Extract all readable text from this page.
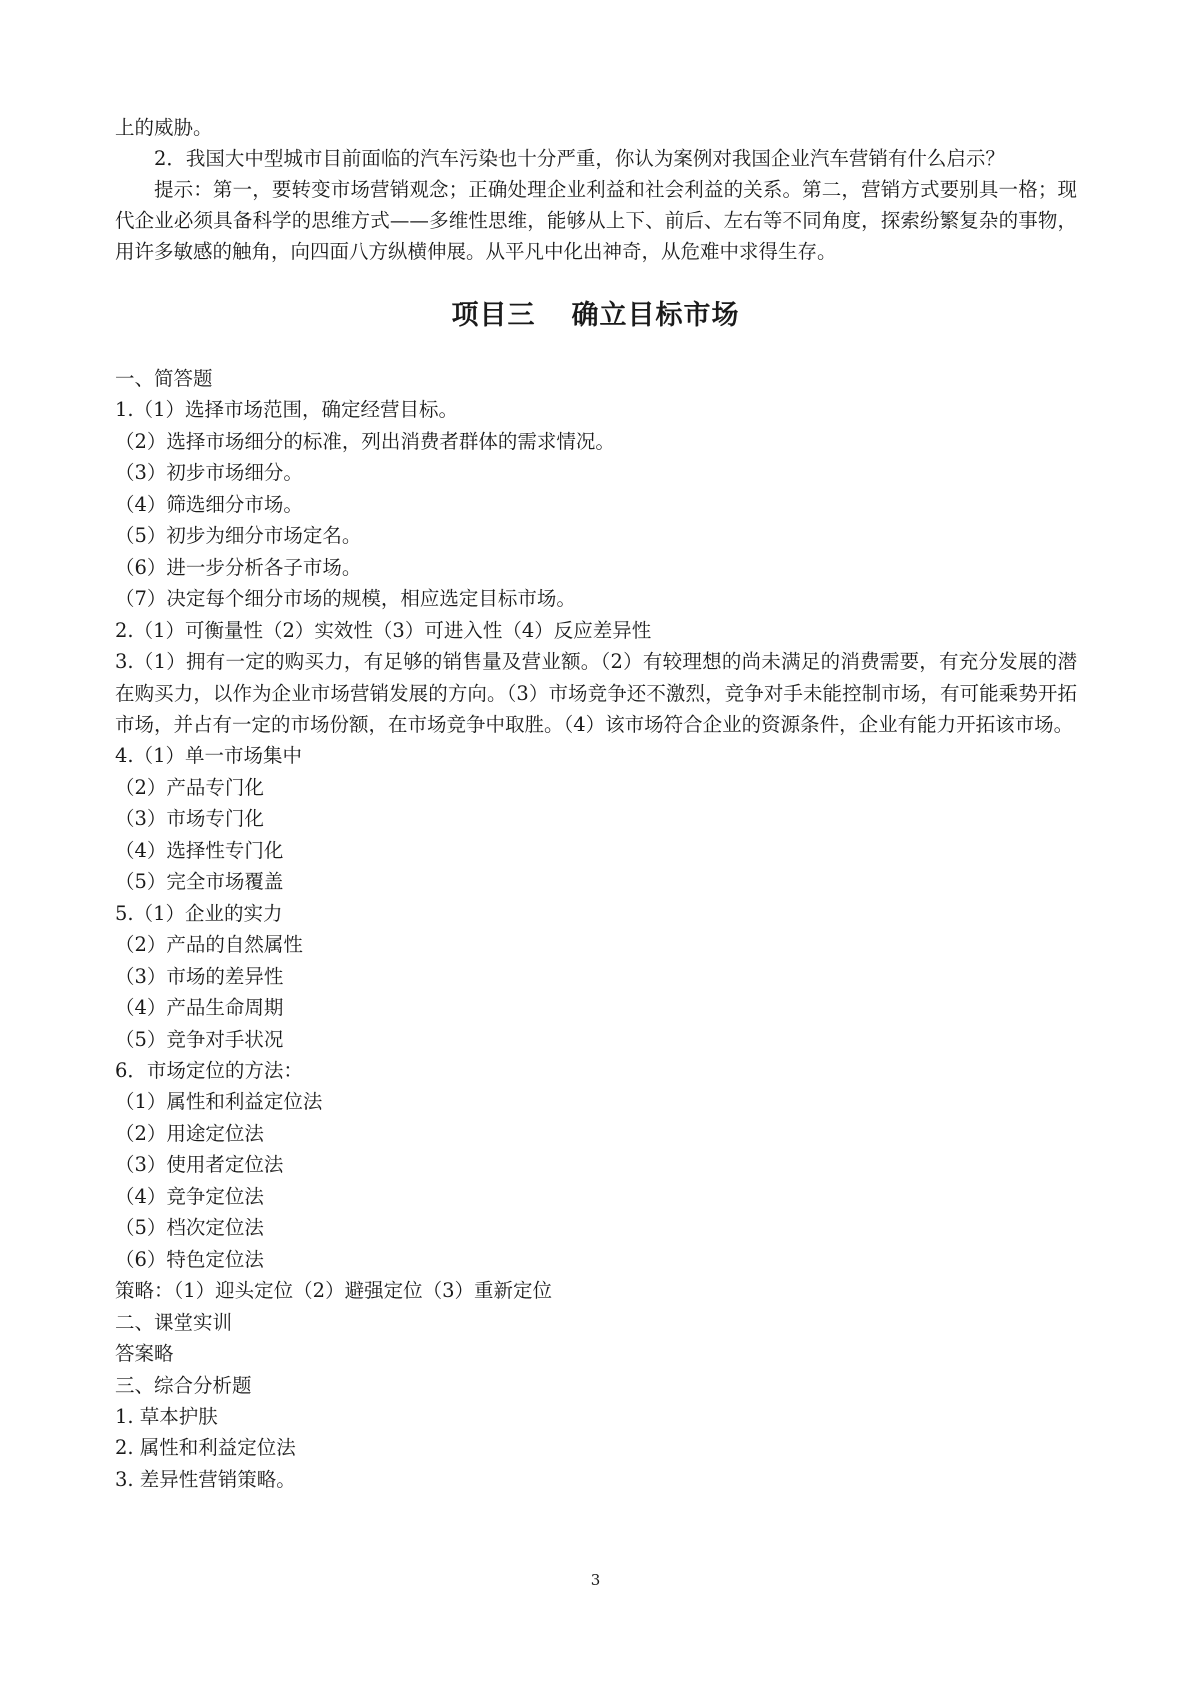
上的威胁。

2．我国大中型城市目前面临的汽车污染也十分严重，你认为案例对我国企业汽车营销有什么启示？

提示：第一，要转变市场营销观念；正确处理企业利益和社会利益的关系。第二，营销方式要别具一格；现代企业必须具备科学的思维方式——多维性思维，能够从上下、前后、左右等不同角度，探索纷繁复杂的事物，用许多敏感的触角，向四面八方纵横伸展。从平凡中化出神奇，从危难中求得生存。

项目三 确立目标市场

一、简答题

1.（1）选择市场范围，确定经营目标。

（2）选择市场细分的标准，列出消费者群体的需求情况。

（3）初步市场细分。

（4）筛选细分市场。

（5）初步为细分市场定名。

（6）进一步分析各子市场。

（7）决定每个细分市场的规模，相应选定目标市场。

2.（1）可衡量性（2）实效性（3）可进入性（4）反应差异性

3.（1）拥有一定的购买力，有足够的销售量及营业额。（2）有较理想的尚未满足的消费需要，有充分发展的潜在购买力，以作为企业市场营销发展的方向。（3）市场竞争还不激烈，竞争对手未能控制市场，有可能乘势开拓市场，并占有一定的市场份额，在市场竞争中取胜。（4）该市场符合企业的资源条件，企业有能力开拓该市场。

4.（1）单一市场集中

（2）产品专门化

（3）市场专门化

（4）选择性专门化

（5）完全市场覆盖

5.（1）企业的实力

（2）产品的自然属性

（3）市场的差异性

（4）产品生命周期

（5）竞争对手状况

6．市场定位的方法：

（1）属性和利益定位法

（2）用途定位法

（3）使用者定位法

（4）竞争定位法

（5）档次定位法

（6）特色定位法

策略：（1）迎头定位（2）避强定位（3）重新定位

二、课堂实训

答案略

三、综合分析题

1. 草本护肤

2. 属性和利益定位法

3. 差异性营销策略。

3
